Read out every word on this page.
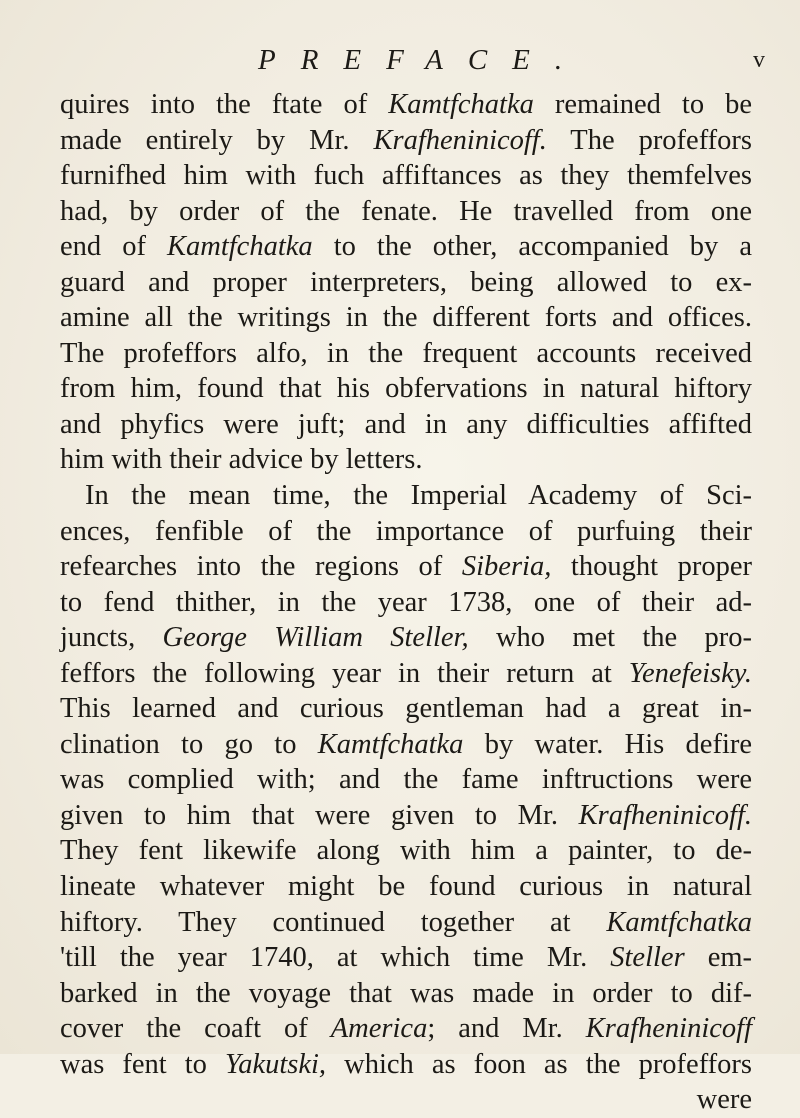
PREFACE.	v
quires into the ftate of Kamtfchatka remained to be
made entirely by Mr. Krafheninicoff. The profeffors
furnifhed him with fuch affiftances as they themfelves
had, by order of the fenate. He travelled from one
end of Kamtfchatka to the other, accompanied by a
guard and proper interpreters, being allowed to ex-
amine all the writings in the different forts and offices.
The profeffors alfo, in the frequent accounts received
from him, found that his obfervations in natural hiftory
and phyfics were juft; and in any difficulties affifted
him with their advice by letters.
In the mean time, the Imperial Academy of Sci-
ences, fenfible of the importance of purfuing their
refearches into the regions of Siberia, thought proper
to fend thither, in the year 1738, one of their ad-
juncts, George William Steller, who met the pro-
feffors the following year in their return at Yenefeisky.
This learned and curious gentleman had a great in-
clination to go to Kamtfchatka by water. His defire
was complied with; and the fame inftructions were
given to him that were given to Mr. Krafheninicoff.
They fent likewife along with him a painter, to de-
lineate whatever might be found curious in natural
hiftory. They continued together at Kamtfchatka
'till the year 1740, at which time Mr. Steller em-
barked in the voyage that was made in order to dif-
cover the coaft of America; and Mr. Krafheninicoff
was fent to Yakutski, which as foon as the profeffors
were
